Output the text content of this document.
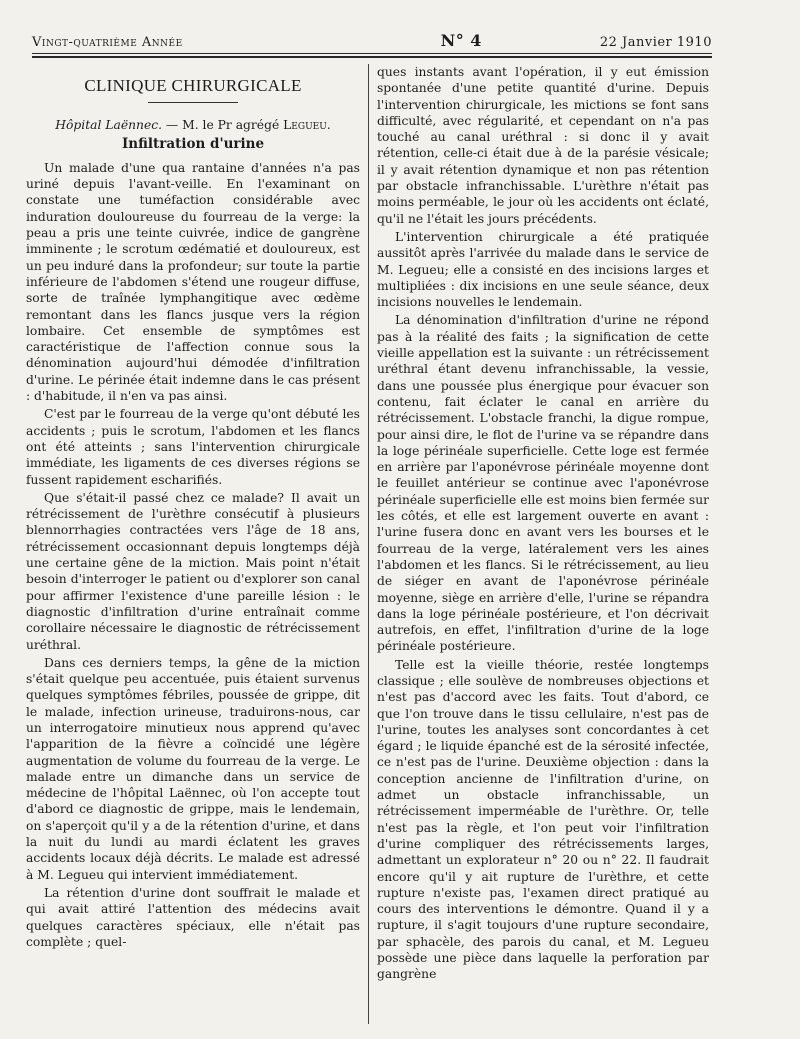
Vingt-quatrième Année	N° 4	22 Janvier 1910
CLINIQUE CHIRURGICALE
Hôpital Laënnec. — M. le Pr agrégé Legueu.
Infiltration d'urine

Un malade d'une qua rantaine d'années n'a pas uriné depuis l'avant-veille. En l'examinant on constate une tuméfaction considérable avec induration douloureuse du fourreau de la verge: la peau a pris une teinte cuivrée, indice de gangrène imminente ; le scrotum œdématié et douloureux, est un peu induré dans la profondeur; sur toute la partie inférieure de l'abdomen s'étend une rougeur diffuse, sorte de traînée lymphangitique avec œdème remontant dans les flancs jusque vers la région lombaire. Cet ensemble de symptômes est caractéristique de l'affection connue sous la dénomination aujourd'hui démodée d'infiltration d'urine. Le périnée était indemne dans le cas présent : d'habitude, il n'en va pas ainsi.

C'est par le fourreau de la verge qu'ont débuté les accidents ; puis le scrotum, l'abdomen et les flancs ont été atteints ; sans l'intervention chirurgicale immédiate, les ligaments de ces diverses régions se fussent rapidement escharifiés.

Que s'était-il passé chez ce malade? Il avait un rétrécissement de l'urèthre consécutif à plusieurs blennorrhagies contractées vers l'âge de 18 ans, rétrécissement occasionnant depuis longtemps déjà une certaine gêne de la miction. Mais point n'était besoin d'interroger le patient ou d'explorer son canal pour affirmer l'existence d'une pareille lésion : le diagnostic d'infiltration d'urine entraînait comme corollaire nécessaire le diagnostic de rétrécissement uréthral.

Dans ces derniers temps, la gêne de la miction s'était quelque peu accentuée, puis étaient survenus quelques symptômes fébriles, poussée de grippe, dit le malade, infection urineuse, traduirons-nous, car un interrogatoire minutieux nous apprend qu'avec l'apparition de la fièvre a coïncidé une légère augmentation de volume du fourreau de la verge. Le malade entre un dimanche dans un service de médecine de l'hôpital Laënnec, où l'on accepte tout d'abord ce diagnostic de grippe, mais le lendemain, on s'aperçoit qu'il y a de la rétention d'urine, et dans la nuit du lundi au mardi éclatent les graves accidents locaux déjà décrits. Le malade est adressé à M. Legueu qui intervient immédiatement.

La rétention d'urine dont souffrait le malade et qui avait attiré l'attention des médecins avait quelques caractères spéciaux, elle n'était pas complète ; quel-

ques instants avant l'opération, il y eut émission spontanée d'une petite quantité d'urine. Depuis l'intervention chirurgicale, les mictions se font sans difficulté, avec régularité, et cependant on n'a pas touché au canal uréthral : si donc il y avait rétention, celle-ci était due à de la parésie vésicale; il y avait rétention dynamique et non pas rétention par obstacle infranchissable. L'urèthre n'était pas moins perméable, le jour où les accidents ont éclaté, qu'il ne l'était les jours précédents.

L'intervention chirurgicale a été pratiquée aussitôt après l'arrivée du malade dans le service de M. Legueu; elle a consisté en des incisions larges et multipliées : dix incisions en une seule séance, deux incisions nouvelles le lendemain.

La dénomination d'infiltration d'urine ne répond pas à la réalité des faits ; la signification de cette vieille appellation est la suivante : un rétrécissement uréthral étant devenu infranchissable, la vessie, dans une poussée plus énergique pour évacuer son contenu, fait éclater le canal en arrière du rétrécissement. L'obstacle franchi, la digue rompue, pour ainsi dire, le flot de l'urine va se répandre dans la loge périnéale superficielle. Cette loge est fermée en arrière par l'aponévrose périnéale moyenne dont le feuillet antérieur se continue avec l'aponévrose périnéale superficielle elle est moins bien fermée sur les côtés, et elle est largement ouverte en avant : l'urine fusera donc en avant vers les bourses et le fourreau de la verge, latéralement vers les aines l'abdomen et les flancs. Si le rétrécissement, au lieu de siéger en avant de l'aponévrose périnéale moyenne, siège en arrière d'elle, l'urine se répandra dans la loge périnéale postérieure, et l'on décrivait autrefois, en effet, l'infiltration d'urine de la loge périnéale postérieure.

Telle est la vieille théorie, restée longtemps classique ; elle soulève de nombreuses objections et n'est pas d'accord avec les faits. Tout d'abord, ce que l'on trouve dans le tissu cellulaire, n'est pas de l'urine, toutes les analyses sont concordantes à cet égard ; le liquide épanché est de la sérosité infectée, ce n'est pas de l'urine. Deuxième objection : dans la conception ancienne de l'infiltration d'urine, on admet un obstacle infranchissable, un rétrécissement imperméable de l'urèthre. Or, telle n'est pas la règle, et l'on peut voir l'infiltration d'urine compliquer des rétrécissements larges, admettant un explorateur n° 20 ou n° 22. Il faudrait encore qu'il y ait rupture de l'urèthre, et cette rupture n'existe pas, l'examen direct pratiqué au cours des interventions le démontre. Quand il y a rupture, il s'agit toujours d'une rupture secondaire, par sphacèle, des parois du canal, et M. Legueu possède une pièce dans laquelle la perforation par gangrène
